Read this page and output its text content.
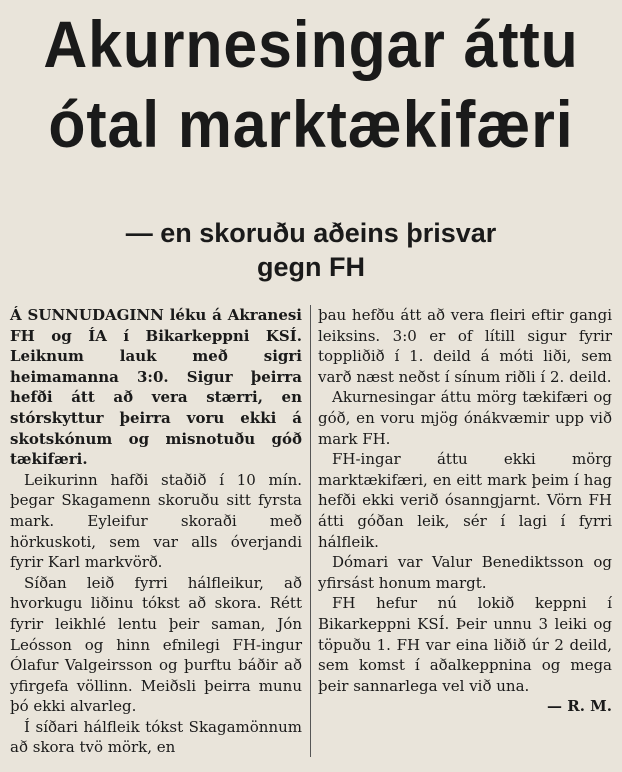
Akurnesingar áttu
ótal marktækifæri
— en skoruðu aðeins þrisvar
gegn FH

Á SUNNUDAGINN léku á Akranesi FH og ÍA í Bikarkeppni KSÍ. Leiknum lauk með sigri heimamanna 3:0. Sigur þeirra hefði átt að vera stærri, en stórskyttur þeirra voru ekki á skotskónum og misnotuðu góð tækifæri.

Leikurinn hafði staðið í 10 mín. þegar Skagamenn skoruðu sitt fyrsta mark. Eyleifur skoraði með hörkuskoti, sem var alls óverjandi fyrir Karl markvörð.

Síðan leið fyrri hálfleikur, að hvorkugu liðinu tókst að skora. Rétt fyrir leikhlé lentu þeir saman, Jón Leósson og hinn efnilegi FH-ingur Ólafur Valgeirsson og þurftu báðir að yfirgefa völlinn. Meiðsli þeirra munu þó ekki alvarleg.

Í síðari hálfleik tókst Skagamönnum að skora tvö mörk, en

þau hefðu átt að vera fleiri eftir gangi leiksins. 3:0 er of lítill sigur fyrir toppliðið í 1. deild á móti liði, sem varð næst neðst í sínum riðli í 2. deild.

Akurnesingar áttu mörg tækifæri og góð, en voru mjög ónákvæmir upp við mark FH.

FH-ingar áttu ekki mörg marktækifæri, en eitt mark þeim í hag hefði ekki verið ósanngjarnt. Vörn FH átti góðan leik, sér í lagi í fyrri hálfleik.

Dómari var Valur Benediktsson og yfirsást honum margt.

FH hefur nú lokið keppni í Bikarkeppni KSÍ. Þeir unnu 3 leiki og töpuðu 1. FH var eina liðið úr 2 deild, sem komst í aðalkeppnina og mega þeir sannarlega vel við una.

— R. M.
